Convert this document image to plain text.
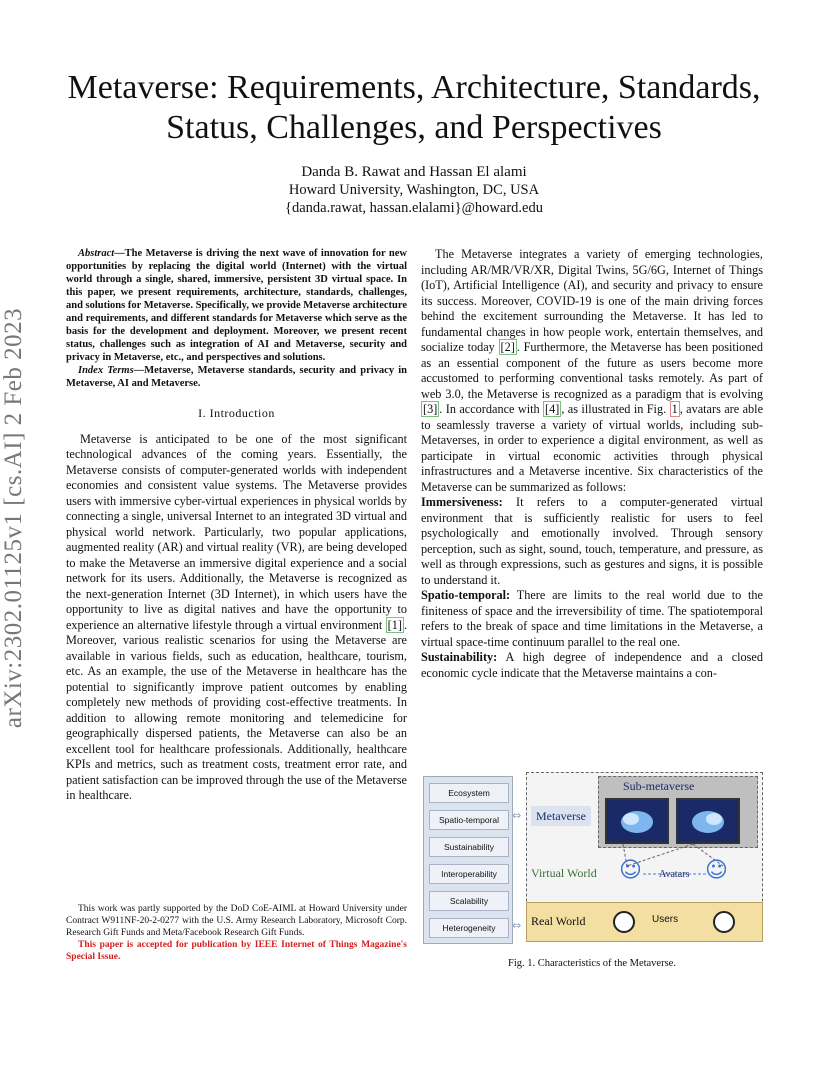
arXiv:2302.01125v1 [cs.AI] 2 Feb 2023
Metaverse: Requirements, Architecture, Standards, Status, Challenges, and Perspectives
Danda B. Rawat and Hassan El alami
Howard University, Washington, DC, USA
{danda.rawat, hassan.elalami}@howard.edu

Abstract—The Metaverse is driving the next wave of innovation for new opportunities by replacing the digital world (Internet) with the virtual world through a single, shared, immersive, persistent 3D virtual space. In this paper, we present requirements, architecture, standards, challenges, and solutions for Metaverse. Specifically, we provide Metaverse architecture and requirements, and different standards for Metaverse which serve as the basis for the development and deployment. Moreover, we present recent status, challenges such as integration of AI and Metaverse, security and privacy in Metaverse, etc., and perspectives and solutions.

Index Terms—Metaverse, Metaverse standards, security and privacy in Metaverse, AI and Metaverse.

I. Introduction

Metaverse is anticipated to be one of the most significant technological advances of the coming years. Essentially, the Metaverse consists of computer-generated worlds with independent economies and consistent value systems. The Metaverse provides users with immersive cyber-virtual experiences in physical worlds by connecting a single, universal Internet to an integrated 3D virtual and physical world network. Particularly, two popular applications, augmented reality (AR) and virtual reality (VR), are being developed to make the Metaverse an immersive digital experience and a social network for its users. Additionally, the Metaverse is recognized as the next-generation Internet (3D Internet), in which users have the opportunity to live as digital natives and have the opportunity to experience an alternative lifestyle through a virtual environment [1] . Moreover, various realistic scenarios for using the Metaverse are available in various fields, such as education, healthcare, tourism, etc. As an example, the use of the Metaverse in healthcare has the potential to significantly improve patient outcomes by enabling completely new methods of providing cost-effective treatments. In addition to allowing remote monitoring and telemedicine for geographically dispersed patients, the Metaverse can also be an excellent tool for healthcare professionals. Additionally, healthcare KPIs and metrics, such as treatment costs, treatment error rate, and patient satisfaction can be improved through the use of the Metaverse in healthcare.

This work was partly supported by the DoD CoE-AIML at Howard University under Contract W911NF-20-2-0277 with the U.S. Army Research Laboratory, Microsoft Corp. Research Gift Funds and Meta/Facebook Research Gift Funds.

This paper is accepted for publication by IEEE Internet of Things Magazine's Special Issue.

The Metaverse integrates a variety of emerging technologies, including AR/MR/VR/XR, Digital Twins, 5G/6G, Internet of Things (IoT), Artificial Intelligence (AI), and security and privacy to ensure its success. Moreover, COVID-19 is one of the main driving forces behind the excitement surrounding the Metaverse. It has led to fundamental changes in how people work, entertain themselves, and socialize today [2] . Furthermore, the Metaverse has been positioned as an essential component of the future as users become more accustomed to performing conventional tasks remotely. As part of web 3.0, the Metaverse is recognized as a paradigm that is evolving [3] . In accordance with [4] , as illustrated in Fig. 1 , avatars are able to seamlessly traverse a variety of virtual worlds, including sub-Metaverses, in order to experience a digital environment, as well as participate in virtual economic activities through physical infrastructures and a Metaverse incentive. Six characteristics of the Metaverse can be summarized as follows:

Immersiveness: It refers to a computer-generated virtual environment that is sufficiently realistic for users to feel psychologically and emotionally involved. Through sensory perception, such as sight, sound, touch, temperature, and pressure, as well as through expressions, such as gestures and signs, it is possible to understand it.

Spatio-temporal: There are limits to the real world due to the finiteness of space and the irreversibility of time. The spatiotemporal refers to the break of space and time limitations in the Metaverse, a virtual space-time continuum parallel to the real one.

Sustainability: A high degree of independence and a closed economic cycle indicate that the Metaverse maintains a con-

Ecosystem
Spatio-temporal
Sustainability
Interoperability
Scalability
Heterogeneity
⇔
⇔
Sub-metaverse
Metaverse
Virtual World ☺	☺
Avatars
Real World	Users
Fig. 1. Characteristics of the Metaverse.
